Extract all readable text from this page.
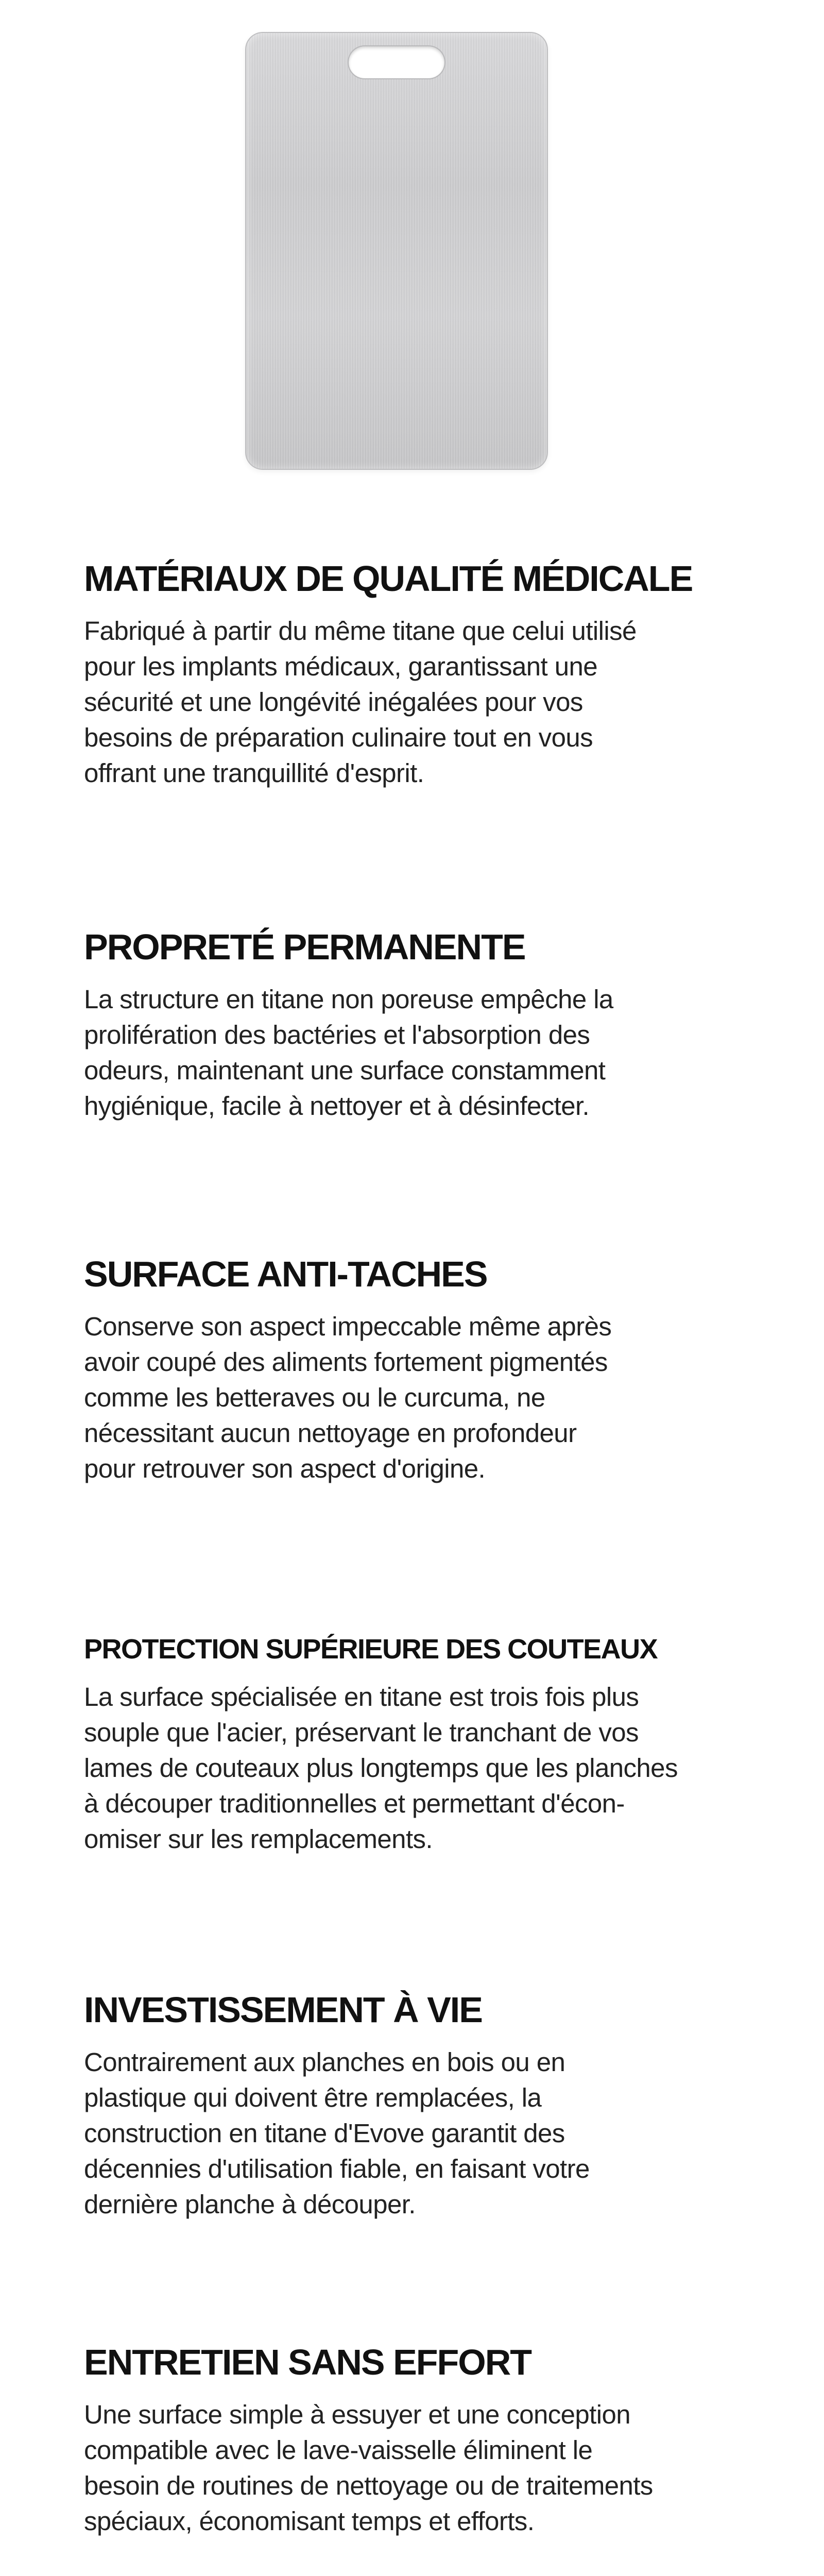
MATÉRIAUX DE QUALITÉ MÉDICALE

Fabriqué à partir du même titane que celui utilisé
pour les implants médicaux, garantissant une
sécurité et une longévité inégalées pour vos
besoins de préparation culinaire tout en vous
offrant une tranquillité d'esprit.

PROPRETÉ PERMANENTE

La structure en titane non poreuse empêche la
prolifération des bactéries et l'absorption des
odeurs, maintenant une surface constamment
hygiénique, facile à nettoyer et à désinfecter.

SURFACE ANTI-TACHES

Conserve son aspect impeccable même après
avoir coupé des aliments fortement pigmentés
comme les betteraves ou le curcuma, ne
nécessitant aucun nettoyage en profondeur
pour retrouver son aspect d'origine.

PROTECTION SUPÉRIEURE DES COUTEAUX

La surface spécialisée en titane est trois fois plus
souple que l'acier, préservant le tranchant de vos
lames de couteaux plus longtemps que les planches
à découper traditionnelles et permettant d'écon-
omiser sur les remplacements.

INVESTISSEMENT À VIE

Contrairement aux planches en bois ou en
plastique qui doivent être remplacées, la
construction en titane d'Evove garantit des
décennies d'utilisation fiable, en faisant votre
dernière planche à découper.

ENTRETIEN SANS EFFORT

Une surface simple à essuyer et une conception
compatible avec le lave-vaisselle éliminent le
besoin de routines de nettoyage ou de traitements
spéciaux, économisant temps et efforts.
